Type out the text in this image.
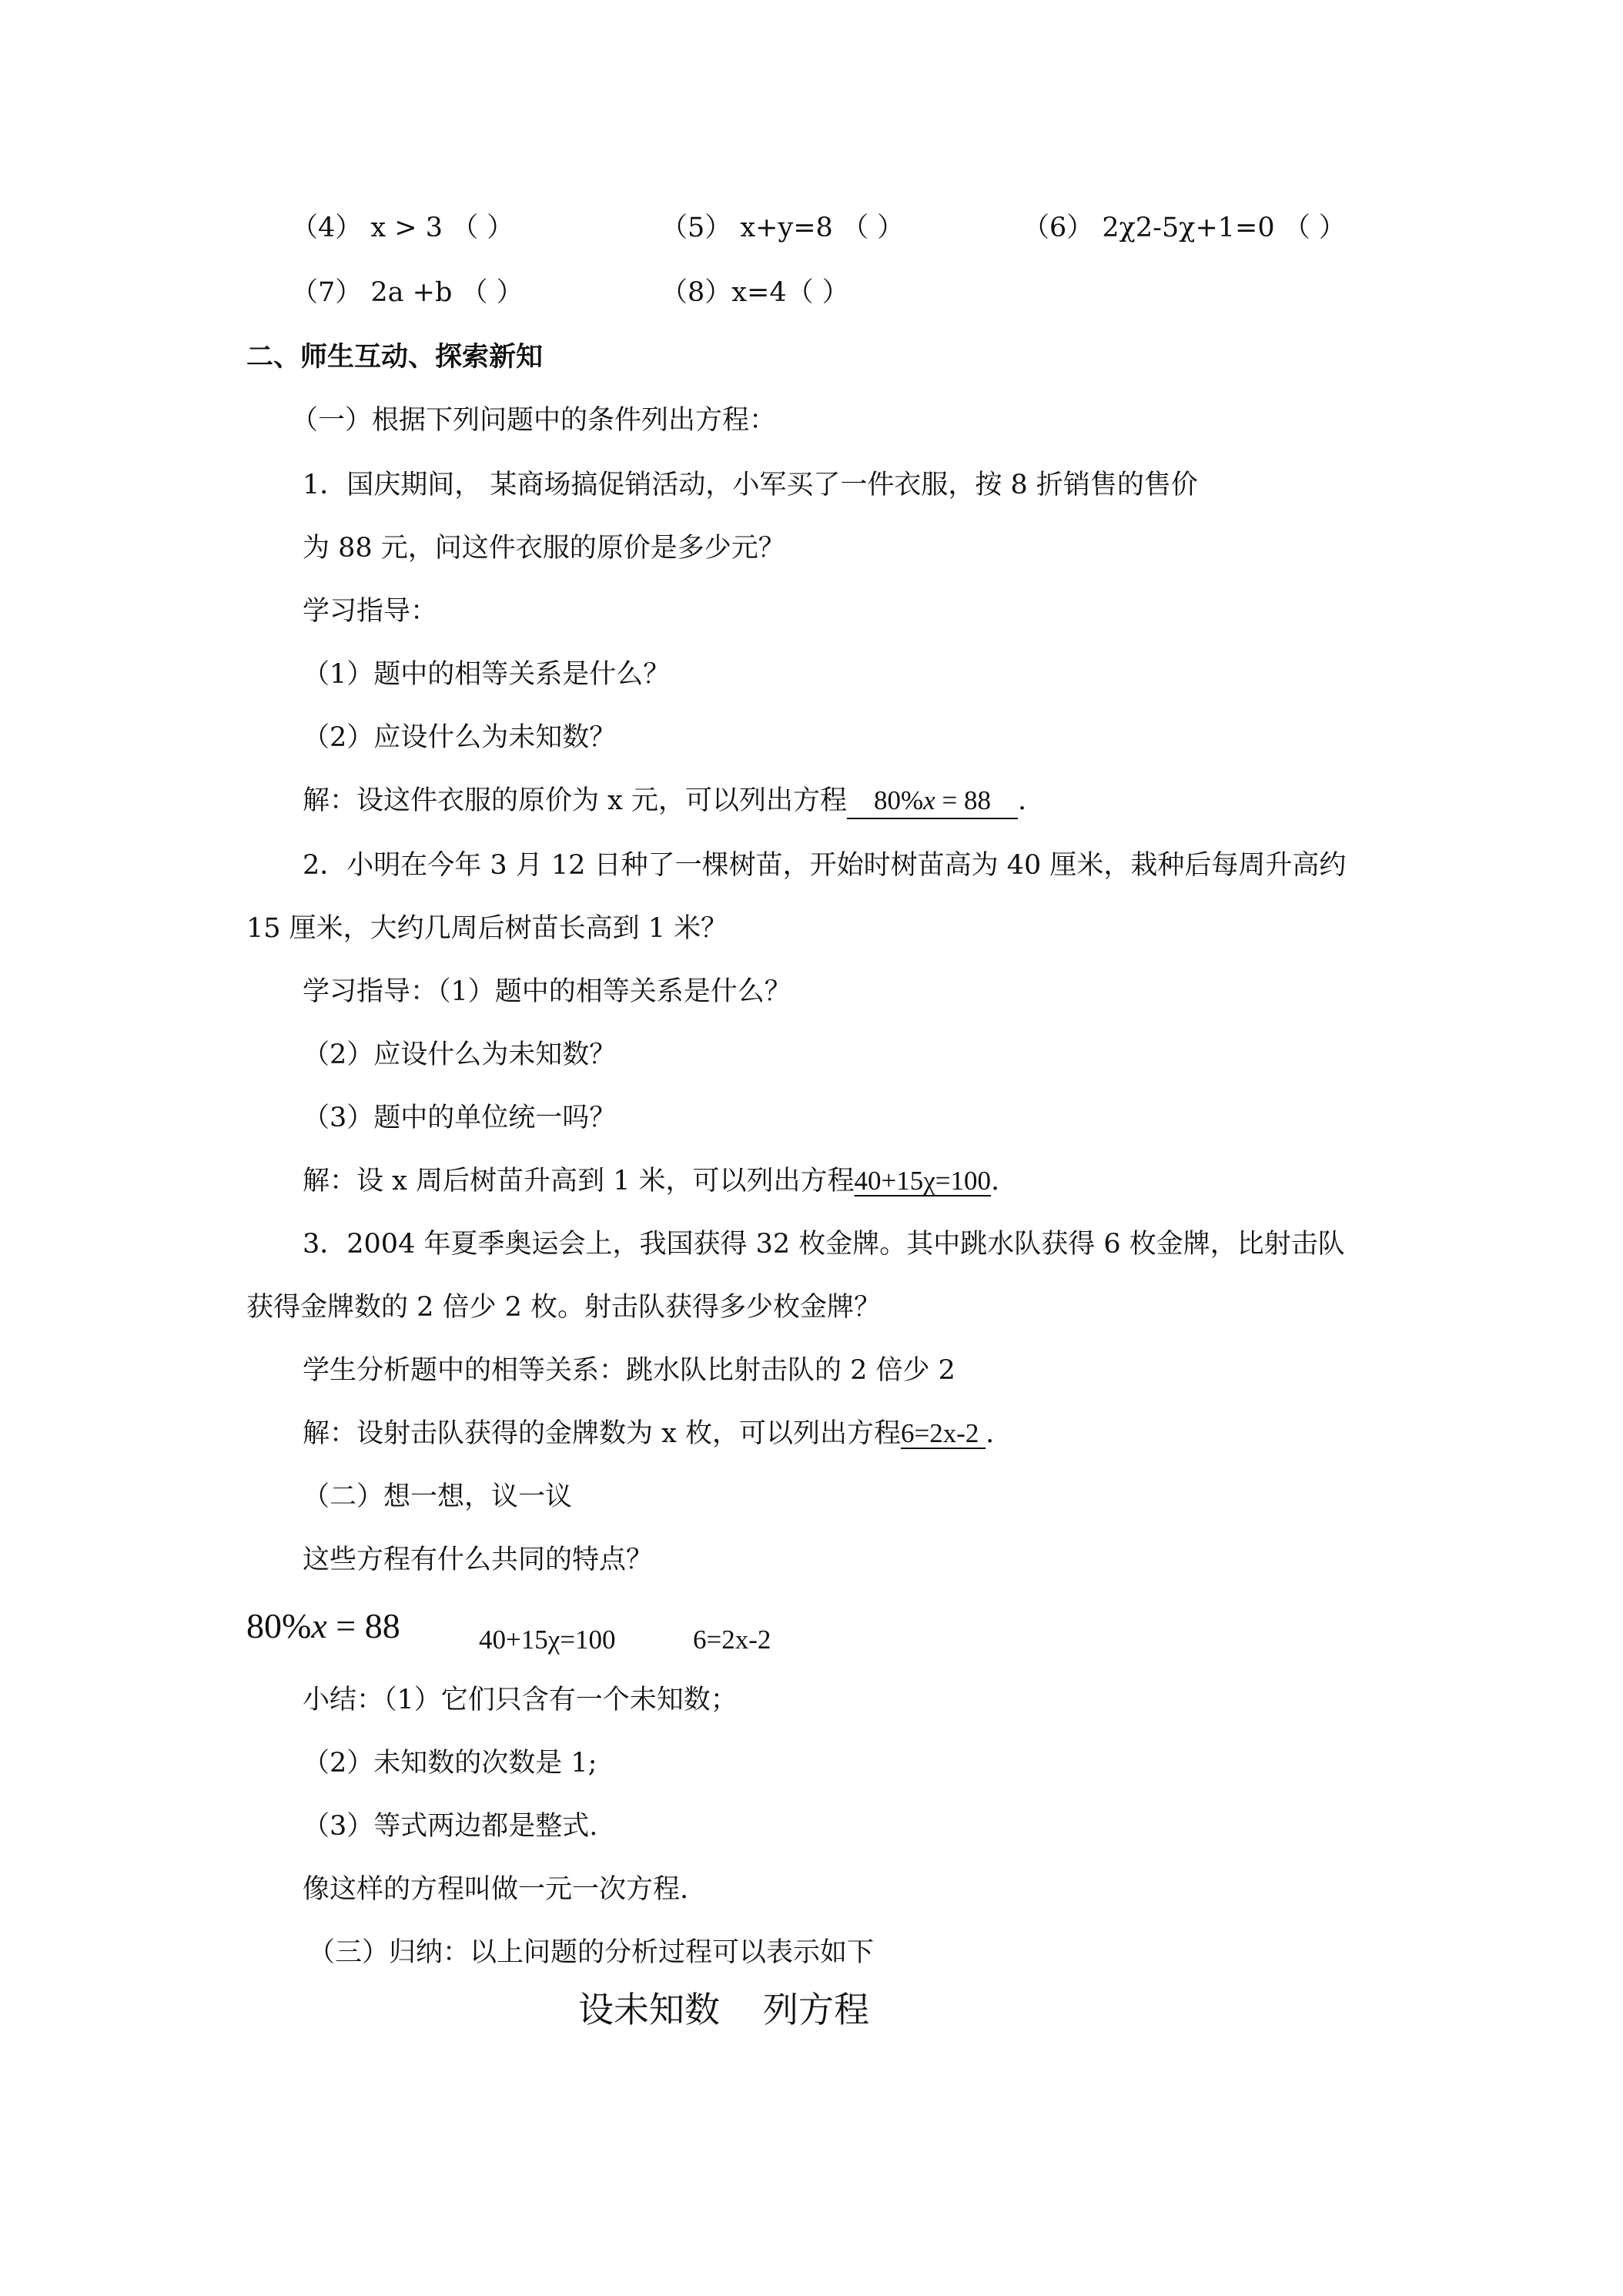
（4） x > 3 （ ）	（5） x+y=8 （ ）	（6） 2χ2-5χ+1=0 （ ）
（7） 2a +b （ ）	（8）x=4（ ）
二、师生互动、探索新知
（一）根据下列问题中的条件列出方程：
1．国庆期间， 某商场搞促销活动，小军买了一件衣服，按 8 折销售的售价
为 88 元，问这件衣服的原价是多少元？
学习指导：
（1）题中的相等关系是什么？
（2）应设什么为未知数？
解：设这件衣服的原价为 x 元，可以列出方程 80%x = 88 .
2．小明在今年 3 月 12 日种了一棵树苗，开始时树苗高为 40 厘米，栽种后每周升高约
15 厘米，大约几周后树苗长高到 1 米？
学习指导：（1）题中的相等关系是什么？
（2）应设什么为未知数？
（3）题中的单位统一吗？
解：设 x 周后树苗升高到 1 米，可以列出方程40+15χ=100.
3．2004 年夏季奥运会上，我国获得 32 枚金牌。其中跳水队获得 6 枚金牌，比射击队
获得金牌数的 2 倍少 2 枚。射击队获得多少枚金牌？
学生分析题中的相等关系：跳水队比射击队的 2 倍少 2
解：设射击队获得的金牌数为 x 枚，可以列出方程6=2x-2 .
（二）想一想，议一议
这些方程有什么共同的特点？
80%x = 88	40+15χ=100	6=2x-2
小结：（1）它们只含有一个未知数；
（2）未知数的次数是 1;
（3）等式两边都是整式.
像这样的方程叫做一元一次方程.
（三）归纳：以上问题的分析过程可以表示如下
设未知数 列方程
